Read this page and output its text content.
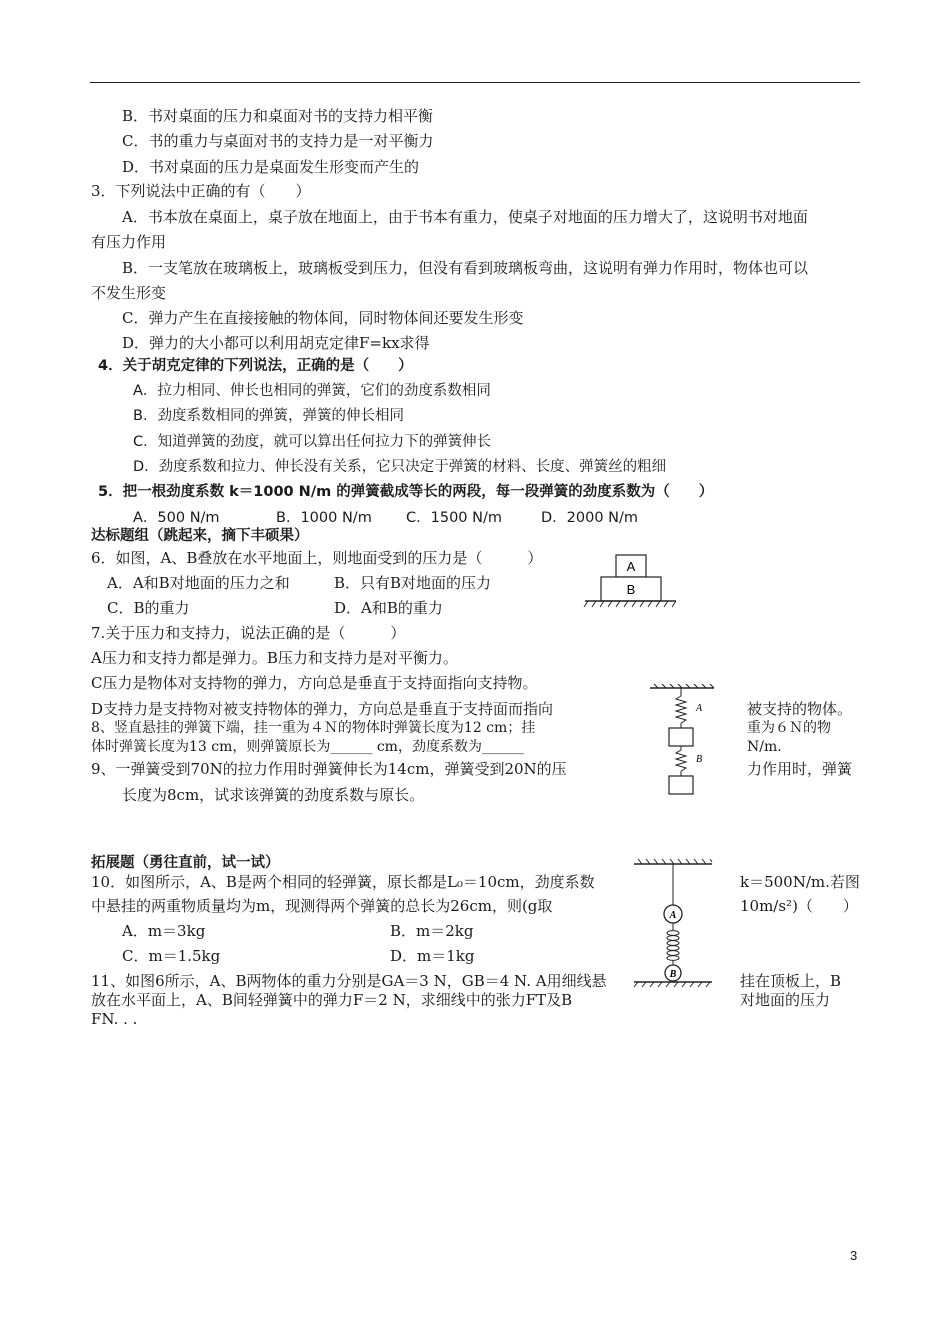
B．书对桌面的压力和桌面对书的支持力相平衡
C．书的重力与桌面对书的支持力是一对平衡力
D．书对桌面的压力是桌面发生形变而产生的
3．下列说法中正确的有（　　）
A．书本放在桌面上，桌子放在地面上，由于书本有重力，使桌子对地面的压力增大了，这说明书对地面
有压力作用
B．一支笔放在玻璃板上，玻璃板受到压力，但没有看到玻璃板弯曲，这说明有弹力作用时，物体也可以
不发生形变
C．弹力产生在直接接触的物体间，同时物体间还要发生形变
D．弹力的大小都可以利用胡克定律F=kx求得
4．关于胡克定律的下列说法，正确的是（　　）
A．拉力相同、伸长也相同的弹簧，它们的劲度系数相同
B．劲度系数相同的弹簧，弹簧的伸长相同
C．知道弹簧的劲度，就可以算出任何拉力下的弹簧伸长
D．劲度系数和拉力、伸长没有关系，它只决定于弹簧的材料、长度、弹簧丝的粗细
5．把一根劲度系数 k＝1000 N/m 的弹簧截成等长的两段，每一段弹簧的劲度系数为（　　）
A．500 N/m	B．1000 N/m C．1500 N/m	D．2000 N/m
达标题组（跳起来，摘下丰硕果）
6．如图，A、B叠放在水平地面上，则地面受到的压力是（　　　）
A．A和B对地面的压力之和	B．只有B对地面的压力
C．B的重力	D．A和B的重力
A
B
7.关于压力和支持力，说法正确的是（　　　）
A压力和支持力都是弹力。B压力和支持力是对平衡力。
C压力是物体对支持物的弹力，方向总是垂直于支持面指向支持物。
D支持力是支持物对被支持物体的弹力，方向总是垂直于支持面而指向	被支持的物体。
8、竖直悬挂的弹簧下端，挂一重为４Ｎ的物体时弹簧长度为12 cm；挂	重为６Ｎ的物
体时弹簧长度为13 cm，则弹簧原长为______ cm，劲度系数为______	N/m.
9、一弹簧受到70N的拉力作用时弹簧伸长为14cm，弹簧受到20N的压	力作用时，弹簧
长度为8cm，试求该弹簧的劲度系数与原长。
A
B
拓展题（勇往直前，试一试）
10．如图所示，A、B是两个相同的轻弹簧，原长都是L₀＝10cm，劲度系数	k＝500N/m.若图
中悬挂的两重物质量均为m，现测得两个弹簧的总长为26cm，则(g取	10m/s²)（　　）
A．m＝3kg	B．m＝2kg
C．m＝1.5kg	D．m＝1kg
A
B
11、如图6所示，A、B两物体的重力分别是GA＝3 N，GB＝4 N. A用细线悬	挂在顶板上，B
放在水平面上，A、B间轻弹簧中的弹力F＝2 N，求细线中的张力FT及B	对地面的压力
FN. . .
3
